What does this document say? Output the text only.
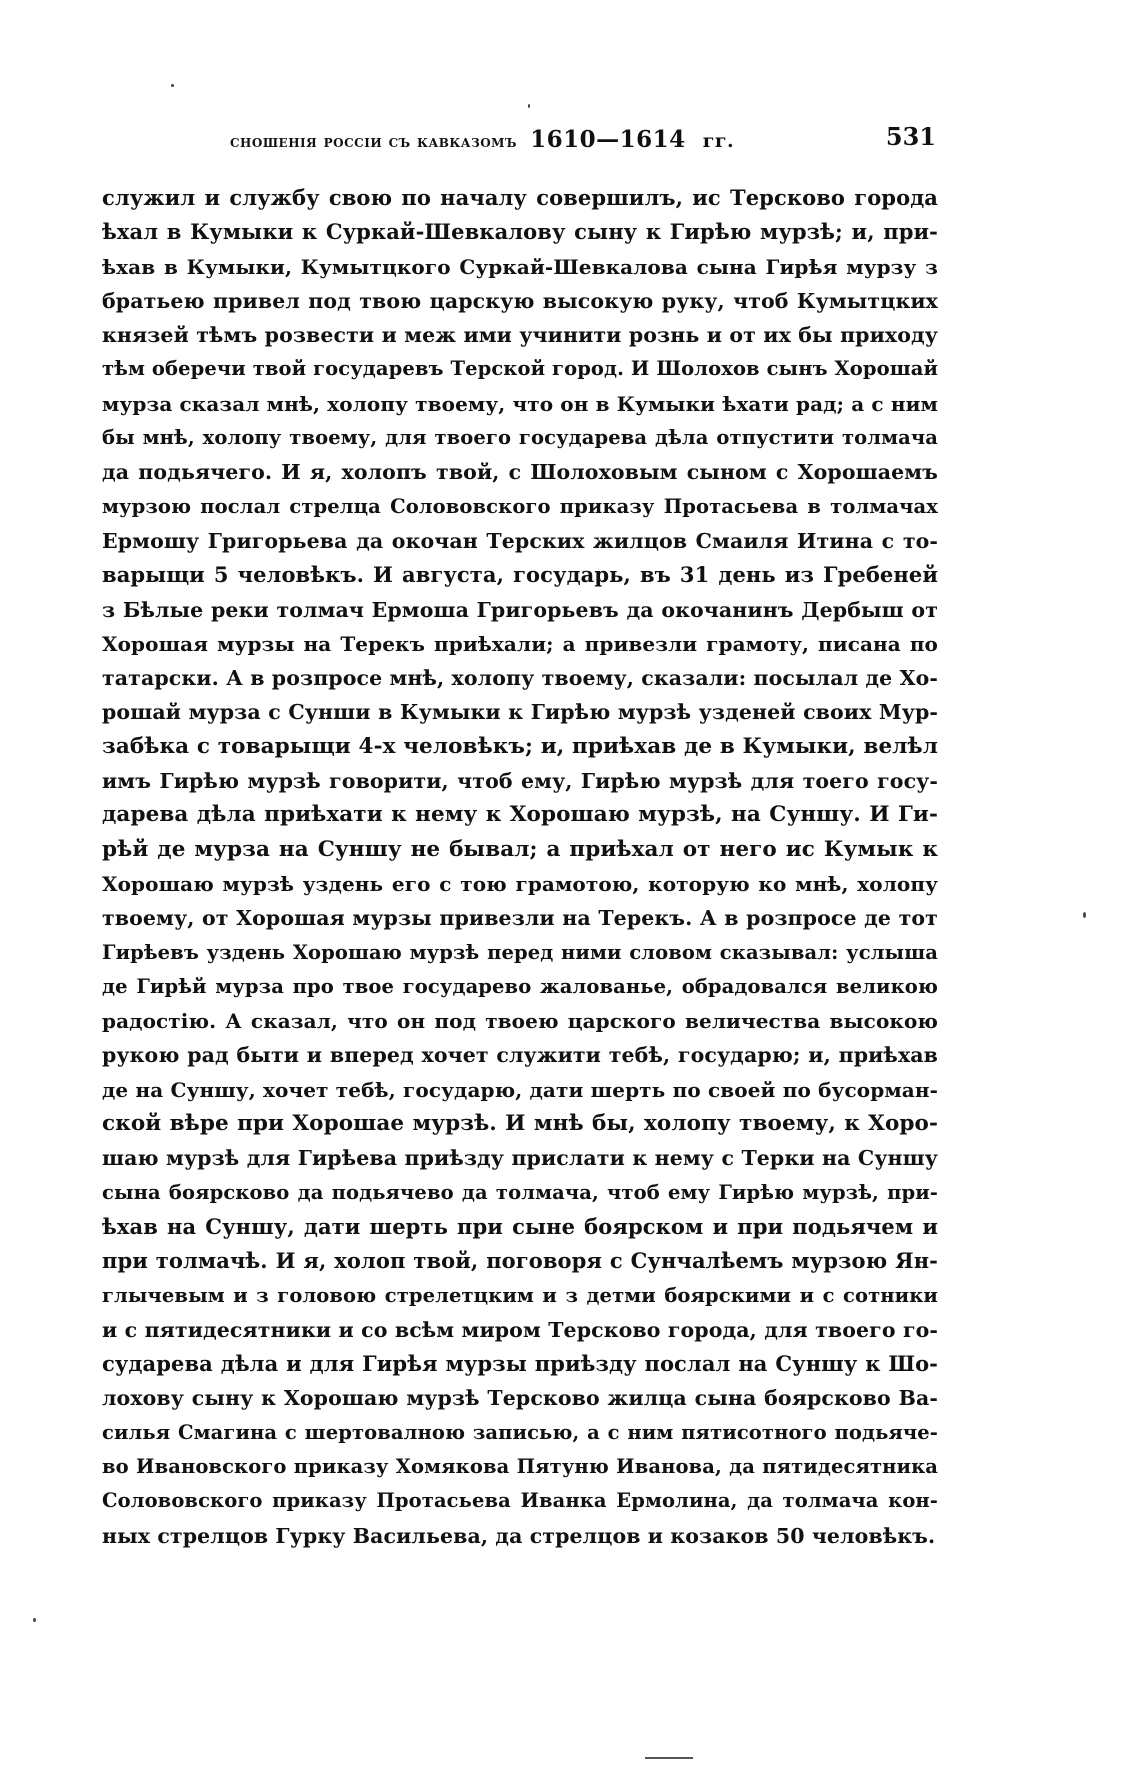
сношенія россіи съ кавказомъ 1610—1614 гг.	531
служил и службу свою по началу совершилъ, ис Терсково города
ѣхал в Кумыки к Суркай-Шевкалову сыну к Гирѣю мурзѣ; и, при-
ѣхав в Кумыки, Кумытцкого Суркай-Шевкалова сына Гирѣя мурзу з
братьею привел под твою царскую высокую руку, чтоб Кумытцких
князей тѣмъ розвести и меж ими учинити рознь и от их бы приходу
тѣм оберечи твой государевъ Терской город. И Шолохов сынъ Хорошай
мурза сказал мнѣ, холопу твоему, что он в Кумыки ѣхати рад; а с ним
бы мнѣ, холопу твоему, для твоего государева дѣла отпустити толмача
да подьячего. И я, холопъ твой, с Шолоховым сыном с Хорошаемъ
мурзою послал стрелца Солововского приказу Протасьева в толмачах
Ермошу Григорьева да окочан Терских жилцов Смаиля Итина с то-
варыщи 5 человѣкъ. И августа, государь, въ 31 день из Гребеней
з Бѣлые реки толмач Ермоша Григорьевъ да окочанинъ Дербыш от
Хорошая мурзы на Терекъ приѣхали; а привезли грамоту, писана по
татарски. А в розпросе мнѣ, холопу твоему, сказали: посылал де Хо-
рошай мурза с Сунши в Кумыки к Гирѣю мурзѣ узденей своих Мур-
забѣка с товарыщи 4-х человѣкъ; и, приѣхав де в Кумыки, велѣл
имъ Гирѣю мурзѣ говорити, чтоб ему, Гирѣю мурзѣ для тоего госу-
дарева дѣла приѣхати к нему к Хорошаю мурзѣ, на Суншу. И Ги-
рѣй де мурза на Суншу не бывал; а приѣхал от него ис Кумык к
Хорошаю мурзѣ уздень его с тою грамотою, которую ко мнѣ, холопу
твоему, от Хорошая мурзы привезли на Терекъ. А в розпросе де тот
Гирѣевъ уздень Хорошаю мурзѣ перед ними словом сказывал: услыша
де Гирѣй мурза про твое государево жалованье, обрадовался великою
радостію. А сказал, что он под твоею царского величества высокою
рукою рад быти и вперед хочет служити тебѣ, государю; и, приѣхав
де на Суншу, хочет тебѣ, государю, дати шерть по своей по бусорман-
ской вѣре при Хорошае мурзѣ. И мнѣ бы, холопу твоему, к Хоро-
шаю мурзѣ для Гирѣева приѣзду прислати к нему с Терки на Суншу
сына боярсково да подьячево да толмача, чтоб ему Гирѣю мурзѣ, при-
ѣхав на Суншу, дати шерть при сыне боярском и при подьячем и
при толмачѣ. И я, холоп твой, поговоря с Сунчалѣемъ мурзою Ян-
глычевым и з головою стрелетцким и з детми боярскими и с сотники
и с пятидесятники и со всѣм миром Терсково города, для твоего го-
сударева дѣла и для Гирѣя мурзы приѣзду послал на Суншу к Шо-
лохову сыну к Хорошаю мурзѣ Терсково жилца сына боярсково Ва-
силья Смагина с шертовалною записью, а с ним пятисотного подьяче-
во Ивановского приказу Хомякова Пятуню Иванова, да пятидесятника
Солововского приказу Протасьева Иванка Ермолина, да толмача кон-
ных стрелцов Гурку Васильева, да стрелцов и козаков 50 человѣкъ.
